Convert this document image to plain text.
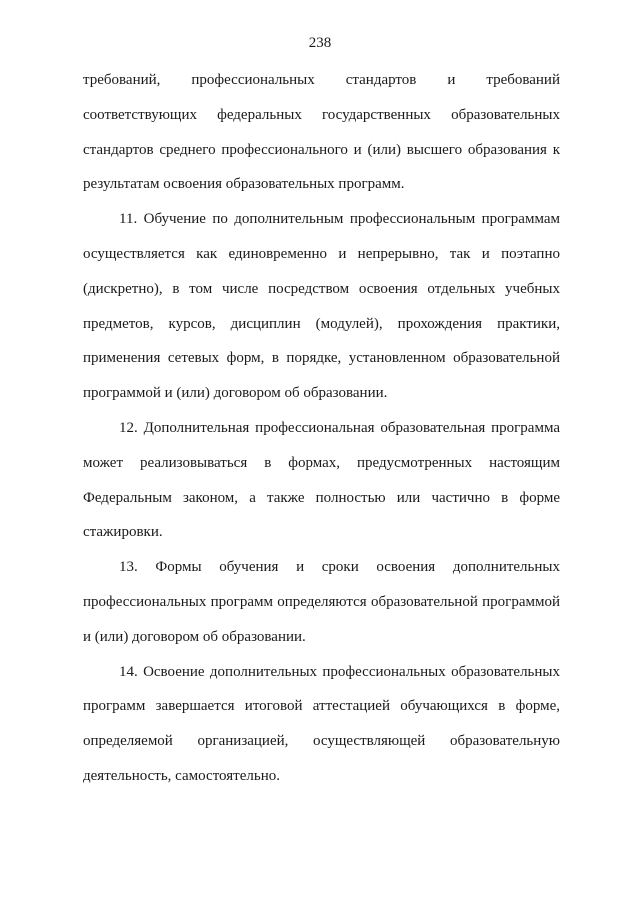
238
требований, профессиональных стандартов и требований
соответствующих федеральных государственных образовательных
стандартов среднего профессионального и (или) высшего образования к
результатам освоения образовательных программ.
11. Обучение по дополнительным профессиональным программам
осуществляется как единовременно и непрерывно, так и поэтапно
(дискретно), в том числе посредством освоения отдельных учебных
предметов, курсов, дисциплин (модулей), прохождения практики,
применения сетевых форм, в порядке, установленном образовательной
программой и (или) договором об образовании.
12. Дополнительная профессиональная образовательная программа
может реализовываться в формах, предусмотренных настоящим
Федеральным законом, а также полностью или частично в форме
стажировки.
13. Формы обучения и сроки освоения дополнительных
профессиональных программ определяются образовательной программой
и (или) договором об образовании.
14. Освоение дополнительных профессиональных образовательных
программ завершается итоговой аттестацией обучающихся в форме,
определяемой организацией, осуществляющей образовательную
деятельность, самостоятельно.
